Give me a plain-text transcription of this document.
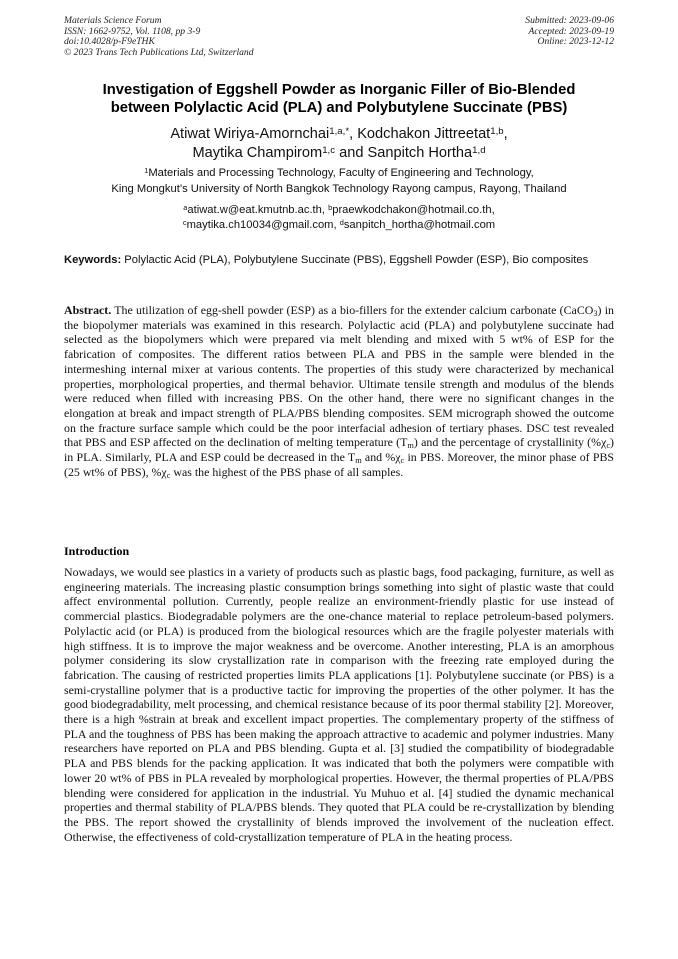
Materials Science Forum
ISSN: 1662-9752, Vol. 1108, pp 3-9
doi:10.4028/p-F9eTHK
© 2023 Trans Tech Publications Ltd, Switzerland
Submitted: 2023-09-06
Accepted: 2023-09-19
Online: 2023-12-12
Investigation of Eggshell Powder as Inorganic Filler of Bio-Blended
between Polylactic Acid (PLA) and Polybutylene Succinate (PBS)
Atiwat Wiriya-Amornchai$^{1,a,*}$, Kodchakon Jittreetat$^{1,b}$,
Maytika Champirom$^{1,c}$ and Sanpitch Hortha$^{1,d}$
$^1$Materials and Processing Technology, Faculty of Engineering and Technology,
King Mongkut’s University of North Bangkok Technology Rayong campus, Rayong, Thailand
$^a$atiwat.w@eat.kmutnb.ac.th, $^b$praewkodchakon@hotmail.co.th,
$^c$maytika.ch10034@gmail.com, $^d$sanpitch_hortha@hotmail.com
Keywords: Polylactic Acid (PLA), Polybutylene Succinate (PBS), Eggshell Powder (ESP), Bio composites
Abstract. The utilization of egg-shell powder (ESP) as a bio-fillers for the extender calcium carbonate (CaCO$_3$) in the biopolymer materials was examined in this research. Polylactic acid (PLA) and polybutylene succinate had selected as the biopolymers which were prepared via melt blending and mixed with 5 wt% of ESP for the fabrication of composites. The different ratios between PLA and PBS in the sample were blended in the intermeshing internal mixer at various contents. The properties of this study were characterized by mechanical properties, morphological properties, and thermal behavior. Ultimate tensile strength and modulus of the blends were reduced when filled with increasing PBS. On the other hand, there were no significant changes in the elongation at break and impact strength of PLA/PBS blending composites. SEM micrograph showed the outcome on the fracture surface sample which could be the poor interfacial adhesion of tertiary phases. DSC test revealed that PBS and ESP affected on the declination of melting temperature $(T_m)$ and the percentage of crystallinity $(\%\chi_c)$ in PLA. Similarly, PLA and ESP could be decreased in the $T_m$ and $\%\chi_c$ in PBS. Moreover, the minor phase of PBS (25 wt% of PBS), $\%\chi_c$ was the highest of the PBS phase of all samples.
Introduction
Nowadays, we would see plastics in a variety of products such as plastic bags, food packaging, furniture, as well as engineering materials. The increasing plastic consumption brings something into sight of plastic waste that could affect environmental pollution. Currently, people realize an environment-friendly plastic for use instead of commercial plastics. Biodegradable polymers are the one-chance material to replace petroleum-based polymers. Polylactic acid (or PLA) is produced from the biological resources which are the fragile polyester materials with high stiffness. It is to improve the major weakness and be overcome. Another interesting, PLA is an amorphous polymer considering its slow crystallization rate in comparison with the freezing rate employed during the fabrication. The causing of restricted properties limits PLA applications [1]. Polybutylene succinate (or PBS) is a semi-crystalline polymer that is a productive tactic for improving the properties of the other polymer. It has the good biodegradability, melt processing, and chemical resistance because of its poor thermal stability [2]. Moreover, there is a high %strain at break and excellent impact properties. The complementary property of the stiffness of PLA and the toughness of PBS has been making the approach attractive to academic and polymer industries. Many researchers have reported on PLA and PBS blending. Gupta et al. [3] studied the compatibility of biodegradable PLA and PBS blends for the packing application. It was indicated that both the polymers were compatible with lower 20 wt% of PBS in PLA revealed by morphological properties. However, the thermal properties of PLA/PBS blending were considered for application in the industrial. Yu Muhuo et al. [4] studied the dynamic mechanical properties and thermal stability of PLA/PBS blends. They quoted that PLA could be re-crystallization by blending the PBS. The report showed the crystallinity of blends improved the involvement of the nucleation effect. Otherwise, the effectiveness of cold-crystallization temperature of PLA in the heating process.
